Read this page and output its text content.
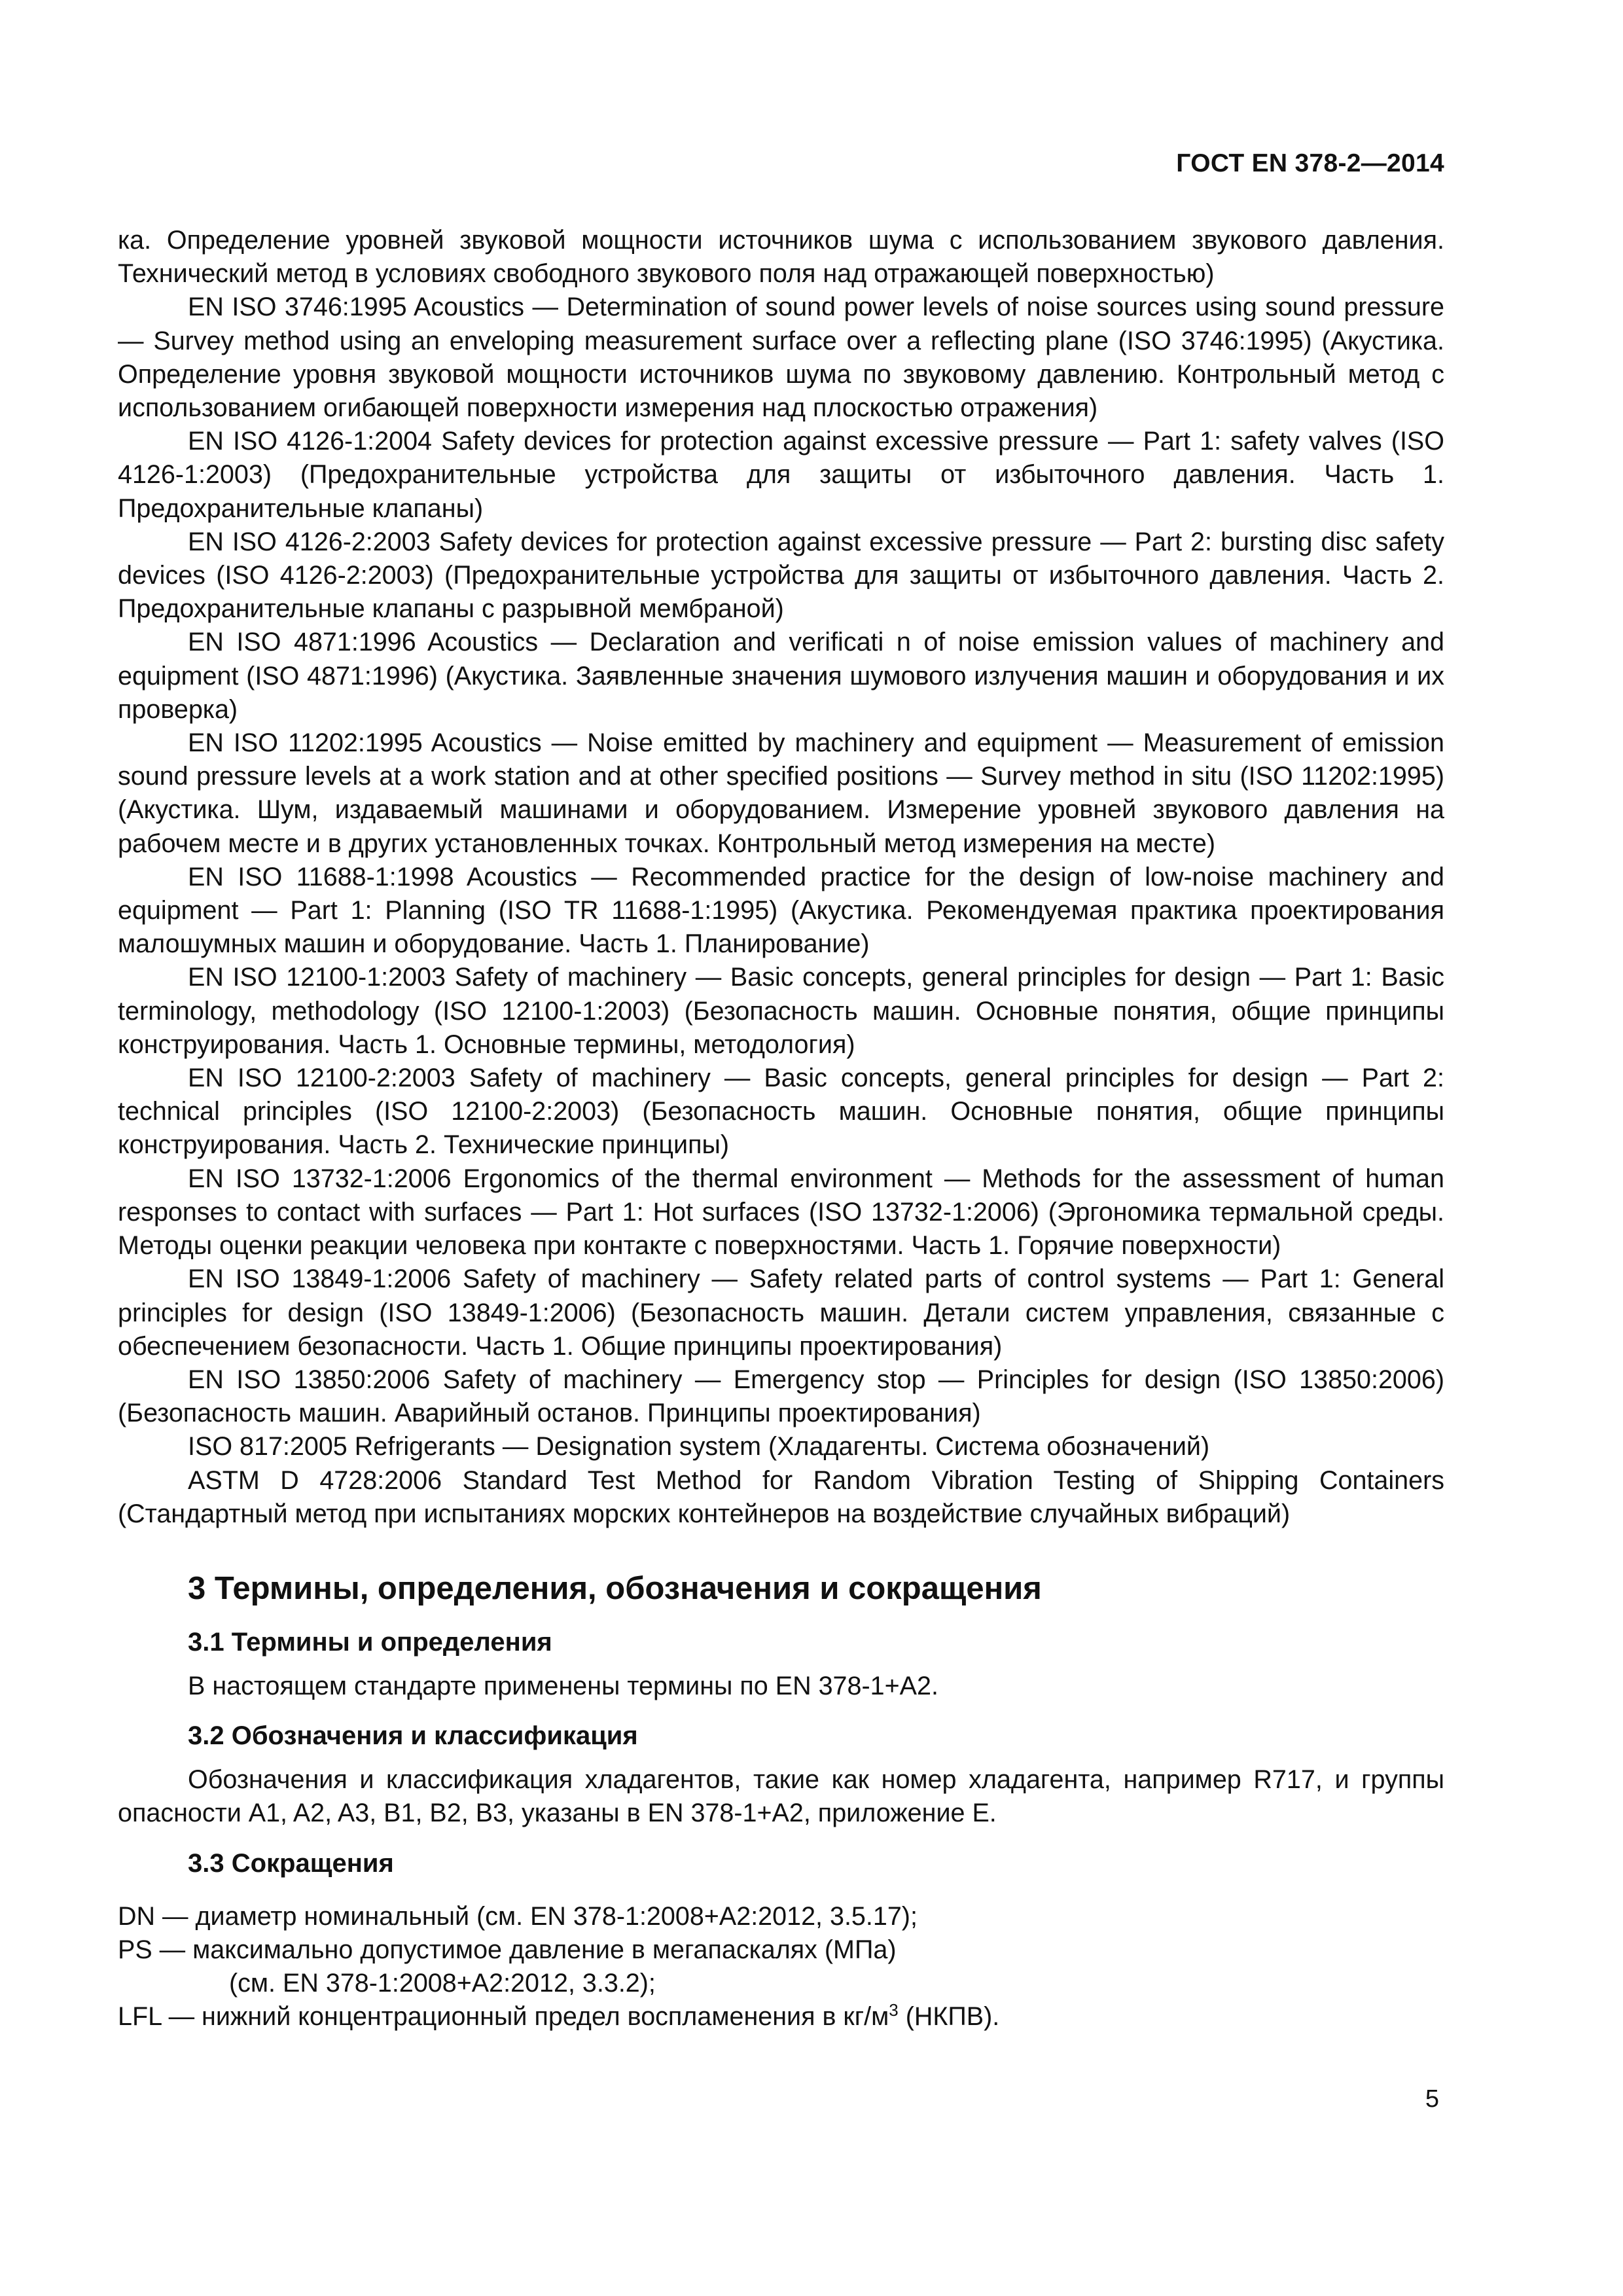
ГОСТ EN 378-2—2014

ка. Определение уровней звуковой мощности источников шума с использованием звукового давления. Технический метод в условиях свободного звукового поля над отражающей поверхностью)

EN ISO 3746:1995 Acoustics — Determination of sound power levels of noise sources using sound pressure — Survey method using an enveloping measurement surface over a reflecting plane (ISO 3746:1995) (Акустика. Определение уровня звуковой мощности источников шума по звуковому давлению. Контрольный метод с использованием огибающей поверхности измерения над плоскостью отражения)

EN ISO 4126-1:2004 Safety devices for protection against excessive pressure — Part 1: safety valves (ISO 4126-1:2003) (Предохранительные устройства для защиты от избыточного давления. Часть 1. Предохранительные клапаны)

EN ISO 4126-2:2003 Safety devices for protection against excessive pressure — Part 2: bursting disc safety devices (ISO 4126-2:2003) (Предохранительные устройства для защиты от избыточного давления. Часть 2. Предохранительные клапаны с разрывной мембраной)

EN ISO 4871:1996 Acoustics — Declaration and verificati n of noise emission values of machinery and equipment (ISO 4871:1996) (Акустика. Заявленные значения шумового излучения машин и оборудования и их проверка)

EN ISO 11202:1995 Acoustics — Noise emitted by machinery and equipment — Measurement of emission sound pressure levels at a work station and at other specified positions — Survey method in situ (ISO 11202:1995) (Акустика. Шум, издаваемый машинами и оборудованием. Измерение уровней звукового давления на рабочем месте и в других установленных точках. Контрольный метод измерения на месте)

EN ISO 11688-1:1998 Acoustics — Recommended practice for the design of low-noise machinery and equipment — Part 1: Planning (ISO TR 11688-1:1995) (Акустика. Рекомендуемая практика проектирования малошумных машин и оборудование. Часть 1. Планирование)

EN ISO 12100-1:2003 Safety of machinery — Basic concepts, general principles for design — Part 1: Basic terminology, methodology (ISO 12100-1:2003) (Безопасность машин. Основные понятия, общие принципы конструирования. Часть 1. Основные термины, методология)

EN ISO 12100-2:2003 Safety of machinery — Basic concepts, general principles for design — Part 2: technical principles (ISO 12100-2:2003) (Безопасность машин. Основные понятия, общие принципы конструирования. Часть 2. Технические принципы)

EN ISO 13732-1:2006 Ergonomics of the thermal environment — Methods for the assessment of human responses to contact with surfaces — Part 1: Hot surfaces (ISO 13732-1:2006) (Эргономика термальной среды. Методы оценки реакции человека при контакте с поверхностями. Часть 1. Горячие поверхности)

EN ISO 13849-1:2006 Safety of machinery — Safety related parts of control systems — Part 1: General principles for design (ISO 13849-1:2006) (Безопасность машин. Детали систем управления, связанные с обеспечением безопасности. Часть 1. Общие принципы проектирования)

EN ISO 13850:2006 Safety of machinery — Emergency stop — Principles for design (ISO 13850:2006) (Безопасность машин. Аварийный останов. Принципы проектирования)

ISO 817:2005 Refrigerants — Designation system (Хладагенты. Система обозначений)

ASTM D 4728:2006 Standard Test Method for Random Vibration Testing of Shipping Containers (Стандартный метод при испытаниях морских контейнеров на воздействие случайных вибраций)

3 Термины, определения, обозначения и сокращения

3.1 Термины и определения

В настоящем стандарте применены термины по EN 378-1+A2.

3.2 Обозначения и классификация

Обозначения и классификация хладагентов, такие как номер хладагента, например R717, и группы опасности A1, A2, A3, B1, B2, B3, указаны в EN 378-1+A2, приложение Е.

3.3 Сокращения

DN — диаметр номинальный (см. EN 378-1:2008+A2:2012, 3.5.17);
PS — максимально допустимое давление в мегапаскалях (МПа)
(см. EN 378-1:2008+A2:2012, 3.3.2);
LFL — нижний концентрационный предел воспламенения в $кг/м^3$ (НКПВ).
5
